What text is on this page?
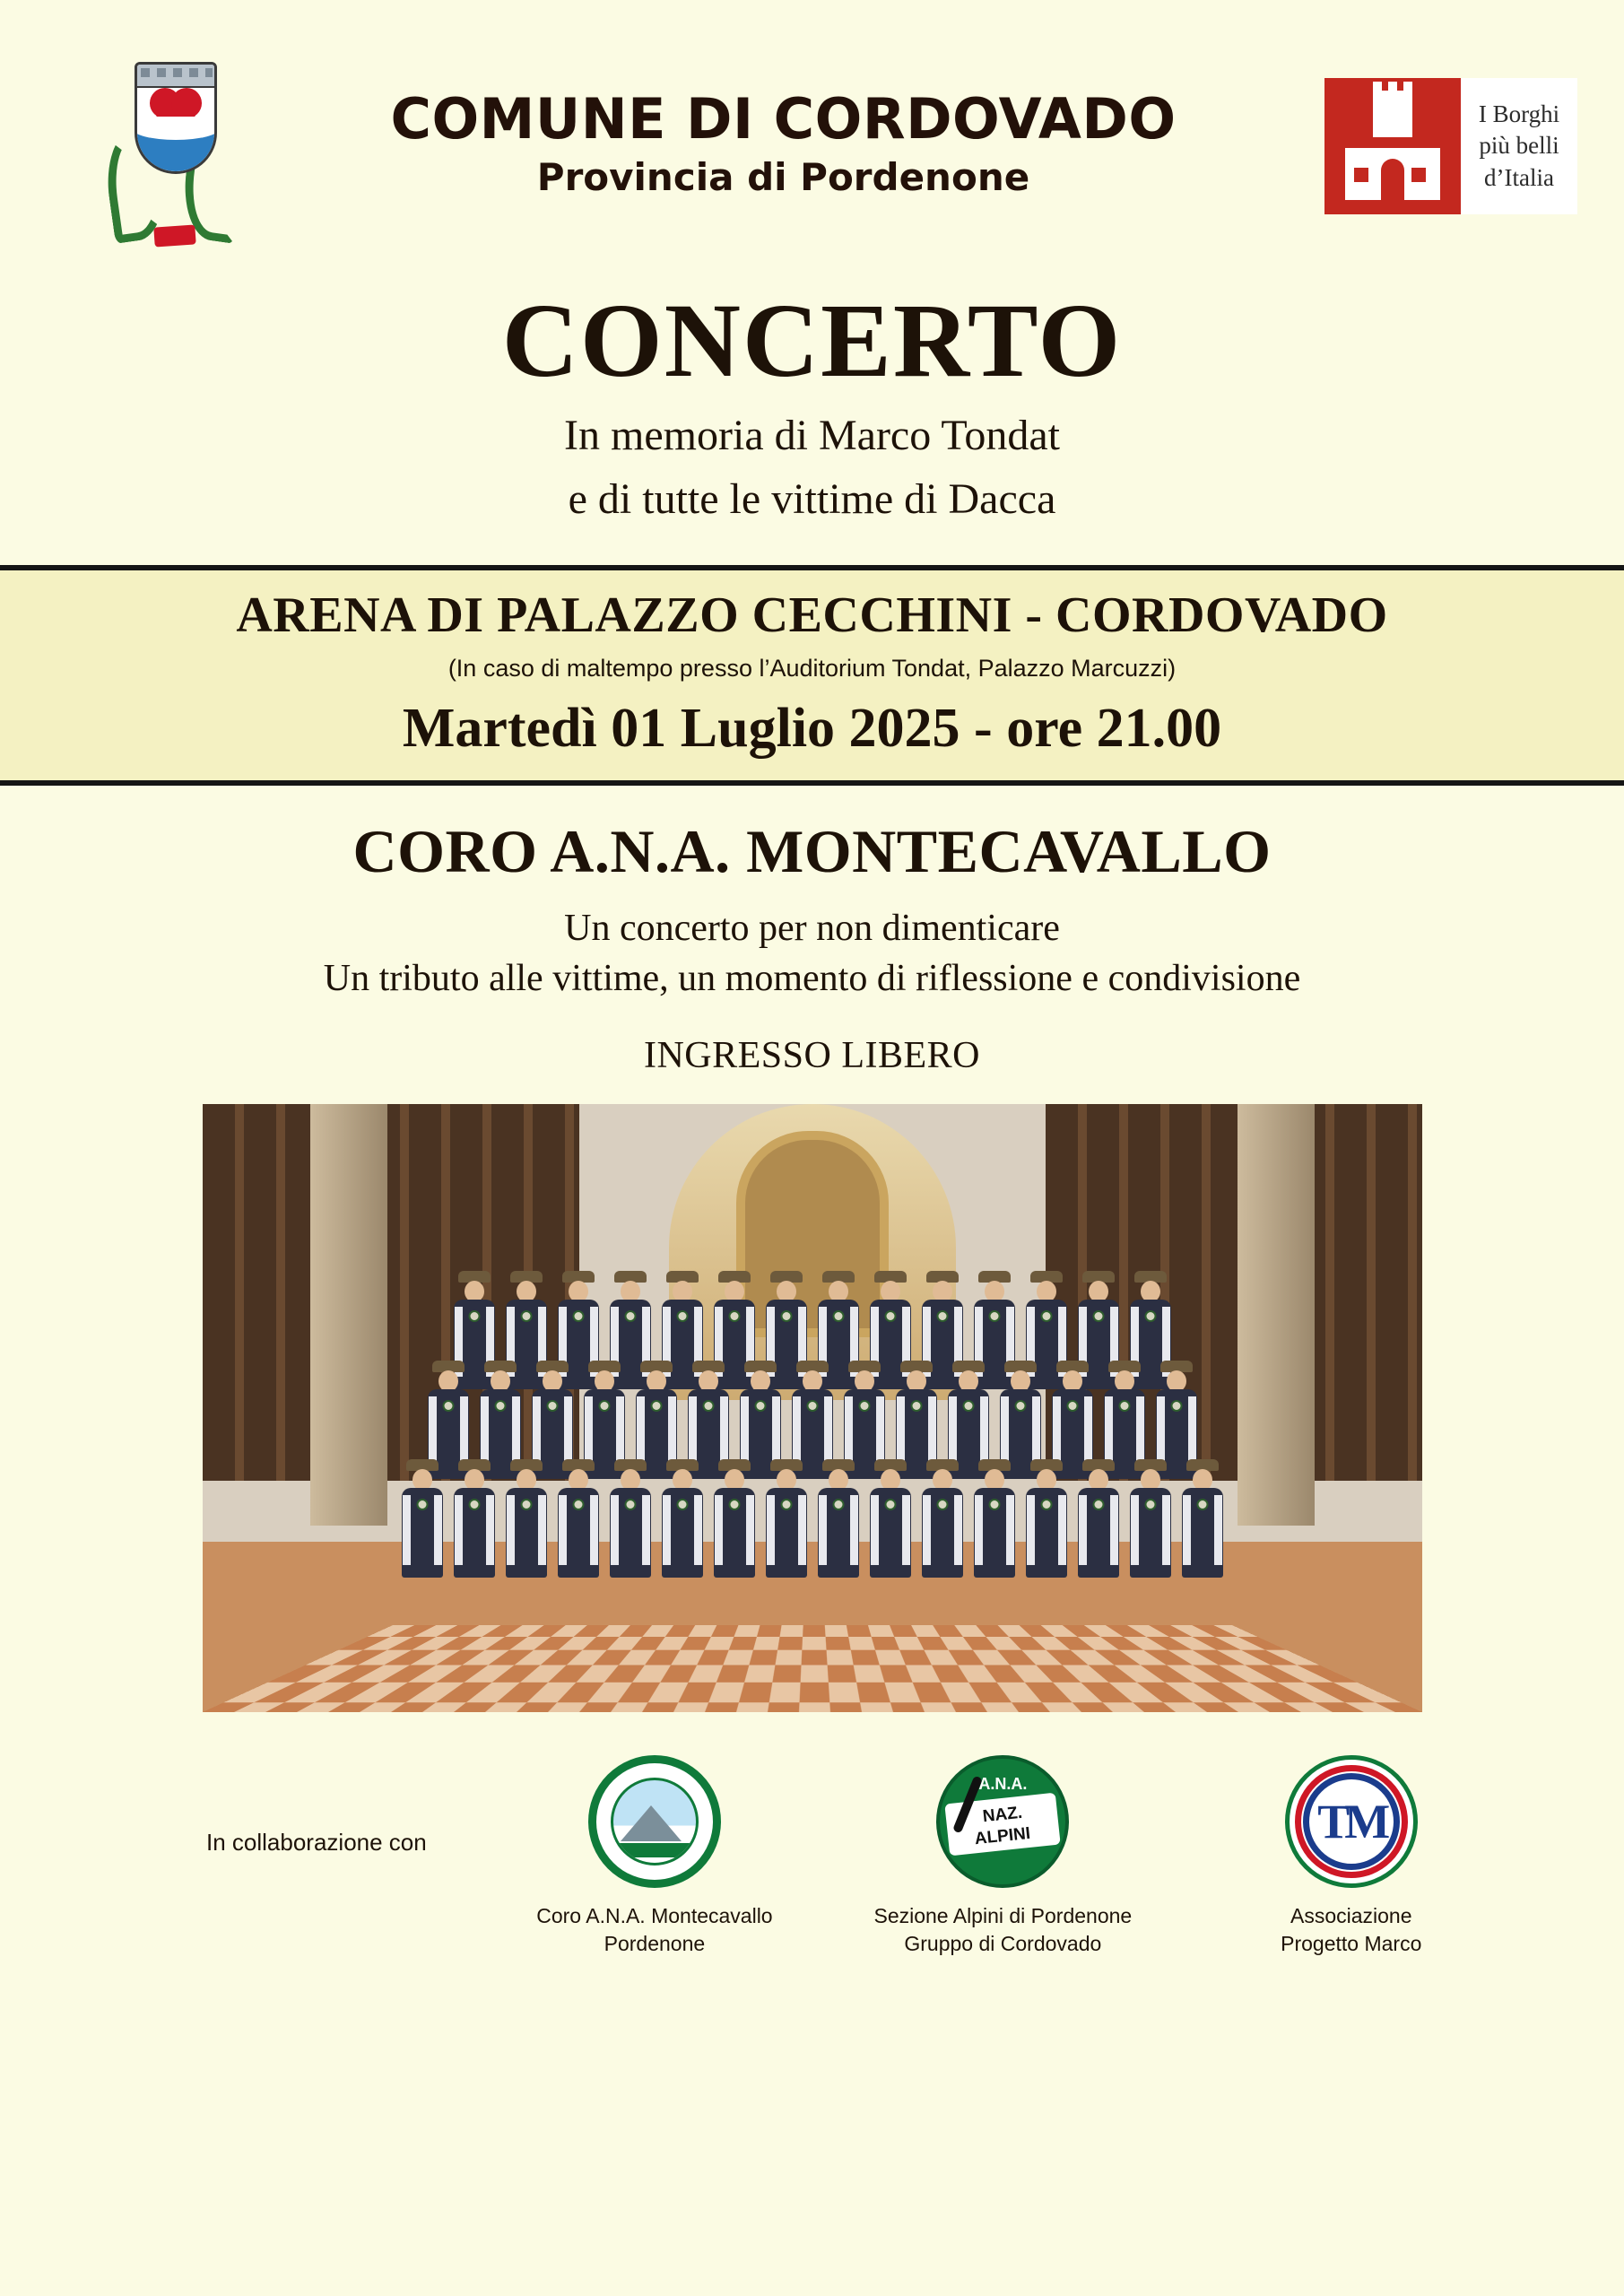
COMUNE DI CORDOVADO
Provincia di Pordenone
I Borghi
più belli
d’Italia
CONCERTO
In memoria di Marco Tondat
e di tutte le vittime di Dacca
ARENA DI PALAZZO CECCHINI - CORDOVADO
(In caso di maltempo presso l’Auditorium Tondat, Palazzo Marcuzzi)
Martedì 01 Luglio 2025 - ore 21.00
CORO A.N.A. MONTECAVALLO
Un concerto per non dimenticare
Un tributo alle vittime, un momento di riflessione e condivisione
INGRESSO LIBERO
In collaborazione con
Coro A.N.A. Montecavallo
Pordenone
A.N.A.
NAZ.
ALPINI
Sezione Alpini di Pordenone
Gruppo di Cordovado
TM
Associazione
Progetto Marco
